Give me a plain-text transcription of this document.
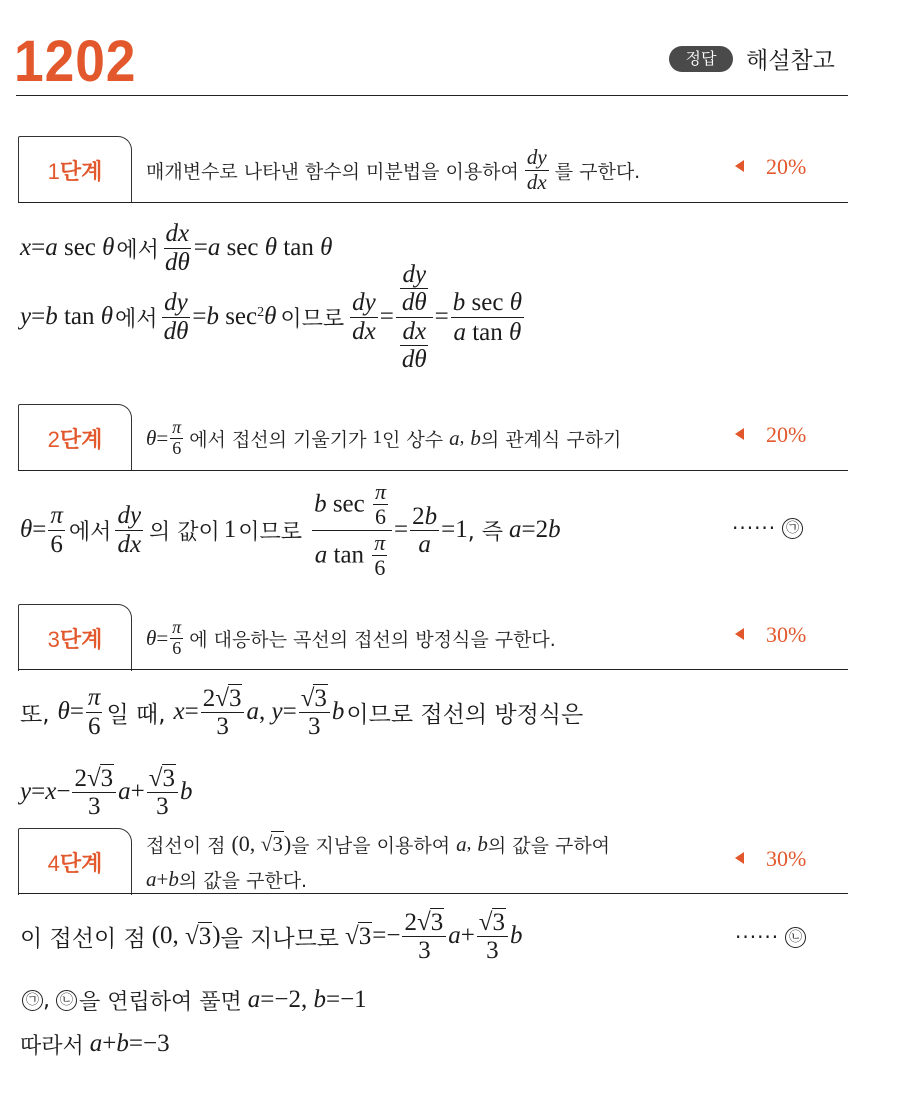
1202	정답	해설참고
1단계 매개변수로 나타낸 함수의 미분법을 이용하여 $\frac{dy}{dx}$ 를 구한다.	20%
x = a sec θ 에서 $\frac{dx}{d\theta} = a$ sec θ tan θ
y = b tan θ 에서 $\frac{dy}{d\theta} = b$ $\sec^2 \theta$ 이므로 $\frac{dy}{dx} = \frac{\frac{dy}{d\theta}}{\frac{dx}{d\theta}} = \frac{\text{b sec θ}}{\text{a tan θ}}$
2단계 $\theta = \frac{\pi}{6}$ 에서 접선의 기울기가 1 인 상수 a , b 의 관계식 구하기	20%
$\theta = \frac{\pi}{6}$ 에서 $\frac{dy}{dx}$ 의 값이 1 이므로 $\frac{b \sec \frac{\pi}{6}}{a \tan \frac{\pi}{6}} = \frac{2b}{a} =1$ , 즉 a =2 b	······ ㉠
3단계 $\theta = \frac{\pi}{6}$ 에 대응하는 곡선의 접선의 방정식을 구한다.	30%
또, $\theta = \frac{\pi}{6}$ 일 때, $x = \frac{2 √ 3}{3}$ a , $y = \frac{√ 3}{3}$ b 이므로 접선의 방정식은
$y = x - \frac{2 √ 3}{3}$ $a + \frac{√ 3}{3}$ b
4단계
접선이 점 (0, √ 3 ) 을 지남을 이용하여 a , b 의 값을 구하여
a + b 의 값을 구한다.
30%
이 접선이 점 (0, √ 3 ) 을 지나므로 √ $3 =- \frac{2 √ 3}{3}$ $a + \frac{√ 3}{3}$ b	······ ㉡
㉠ , ㉡ 을 연립하여 풀면 a =−2, b =−1
따라서 a + b =−3
